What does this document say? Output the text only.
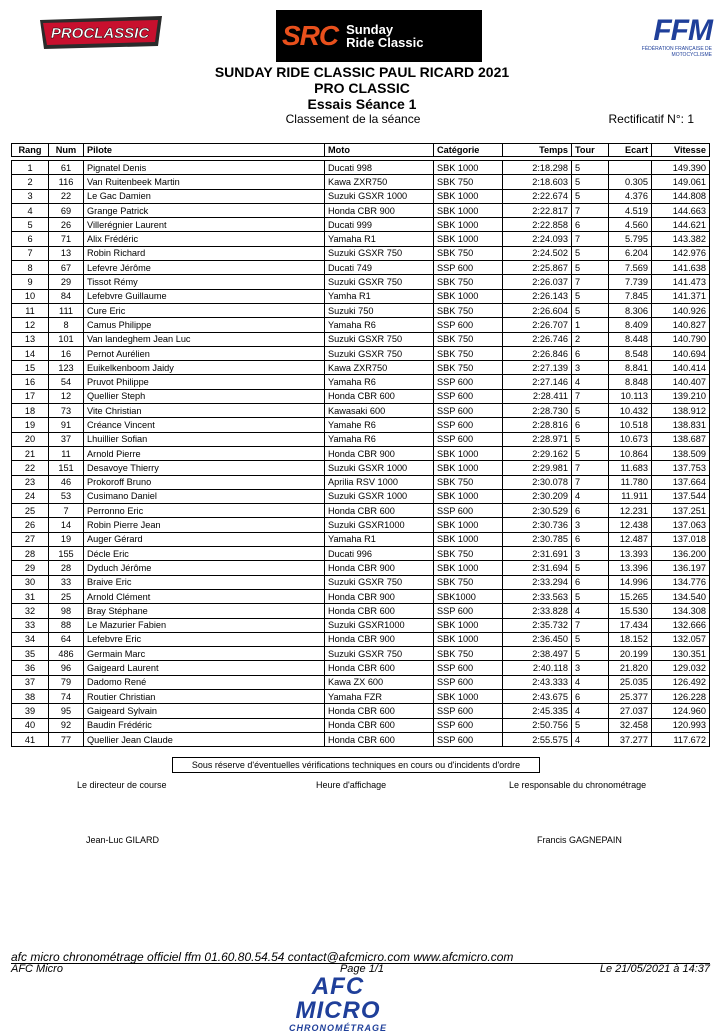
PROCLASSIC	SRC Sunday
Ride Classic	FFM
FÉDÉRATION FRANÇAISE DE MOTOCYCLISME
SUNDAY RIDE CLASSIC PAUL RICARD 2021
PRO CLASSIC
Essais Séance 1
Classement de la séance	Rectificatif N°: 1
Rang	Num	Pilote	Moto	Catégorie	Temps	Tour	Ecart	Vitesse

1	61	Pignatel Denis	Ducati 998	SBK 1000	2:18.298	5		149.390
2	116	Van Ruitenbeek Martin	Kawa ZXR750	SBK 750	2:18.603	5	0.305	149.061
3	22	Le Gac Damien	Suzuki GSXR 1000	SBK 1000	2:22.674	5	4.376	144.808
4	69	Grange Patrick	Honda CBR 900	SBK 1000	2:22.817	7	4.519	144.663
5	26	Villerégnier Laurent	Ducati 999	SBK 1000	2:22.858	6	4.560	144.621
6	71	Alix Frédéric	Yamaha R1	SBK 1000	2:24.093	7	5.795	143.382
7	13	Robin Richard	Suzuki GSXR 750	SBK 750	2:24.502	5	6.204	142.976
8	67	Lefevre Jérôme	Ducati 749	SSP 600	2:25.867	5	7.569	141.638
9	29	Tissot Rémy	Suzuki GSXR 750	SBK 750	2:26.037	7	7.739	141.473
10	84	Lefebvre Guillaume	Yamha R1	SBK 1000	2:26.143	5	7.845	141.371
11	111	Cure Eric	Suzuki 750	SBK 750	2:26.604	5	8.306	140.926
12	8	Camus Philippe	Yamaha R6	SSP 600	2:26.707	1	8.409	140.827
13	101	Van landeghem Jean Luc	Suzuki GSXR 750	SBK 750	2:26.746	2	8.448	140.790
14	16	Pernot Aurélien	Suzuki GSXR 750	SBK 750	2:26.846	6	8.548	140.694
15	123	Euikelkenboom Jaidy	Kawa ZXR750	SBK 750	2:27.139	3	8.841	140.414
16	54	Pruvot Philippe	Yamaha R6	SSP 600	2:27.146	4	8.848	140.407
17	12	Quellier Steph	Honda CBR 600	SSP 600	2:28.411	7	10.113	139.210
18	73	Vite Christian	Kawasaki 600	SSP 600	2:28.730	5	10.432	138.912
19	91	Créance Vincent	Yamahe R6	SSP 600	2:28.816	6	10.518	138.831
20	37	Lhuillier Sofian	Yamaha R6	SSP 600	2:28.971	5	10.673	138.687
21	11	Arnold Pierre	Honda CBR 900	SBK 1000	2:29.162	5	10.864	138.509
22	151	Desavoye Thierry	Suzuki GSXR 1000	SBK 1000	2:29.981	7	11.683	137.753
23	46	Prokoroff Bruno	Aprilia RSV 1000	SBK 750	2:30.078	7	11.780	137.664
24	53	Cusimano Daniel	Suzuki GSXR 1000	SBK 1000	2:30.209	4	11.911	137.544
25	7	Perronno Eric	Honda CBR 600	SSP 600	2:30.529	6	12.231	137.251
26	14	Robin Pierre Jean	Suzuki GSXR1000	SBK 1000	2:30.736	3	12.438	137.063
27	19	Auger Gérard	Yamaha R1	SBK 1000	2:30.785	6	12.487	137.018
28	155	Décle Eric	Ducati 996	SBK 750	2:31.691	3	13.393	136.200
29	28	Dyduch Jérôme	Honda CBR 900	SBK 1000	2:31.694	5	13.396	136.197
30	33	Braive Eric	Suzuki GSXR 750	SBK 750	2:33.294	6	14.996	134.776
31	25	Arnold Clément	Honda CBR 900	SBK1000	2:33.563	5	15.265	134.540
32	98	Bray Stéphane	Honda CBR 600	SSP 600	2:33.828	4	15.530	134.308
33	88	Le Mazurier Fabien	Suzuki GSXR1000	SBK 1000	2:35.732	7	17.434	132.666
34	64	Lefebvre Eric	Honda CBR 900	SBK 1000	2:36.450	5	18.152	132.057
35	486	Germain Marc	Suzuki GSXR 750	SBK 750	2:38.497	5	20.199	130.351
36	96	Gaigeard Laurent	Honda CBR 600	SSP 600	2:40.118	3	21.820	129.032
37	79	Dadomo René	Kawa ZX 600	SSP 600	2:43.333	4	25.035	126.492
38	74	Routier Christian	Yamaha FZR	SBK 1000	2:43.675	6	25.377	126.228
39	95	Gaigeard Sylvain	Honda CBR 600	SSP 600	2:45.335	4	27.037	124.960
40	92	Baudin Frédéric	Honda CBR 600	SSP 600	2:50.756	5	32.458	120.993
41	77	Quellier Jean Claude	Honda CBR 600	SSP 600	2:55.575	4	37.277	117.672
Sous réserve d'éventuelles vérifications techniques en cours ou d'incidents d'ordre
Le directeur de course	Heure d'affichage	Le responsable du chronométrage
Jean-Luc GILARD	Francis GAGNEPAIN
afc micro chronométrage officiel ffm 01.60.80.54.54 contact@afcmicro.com www.afcmicro.com
AFC Micro	Page 1/1	Le 21/05/2021 à 14:37
AFC MICRO
CHRONOMÉTRAGE
